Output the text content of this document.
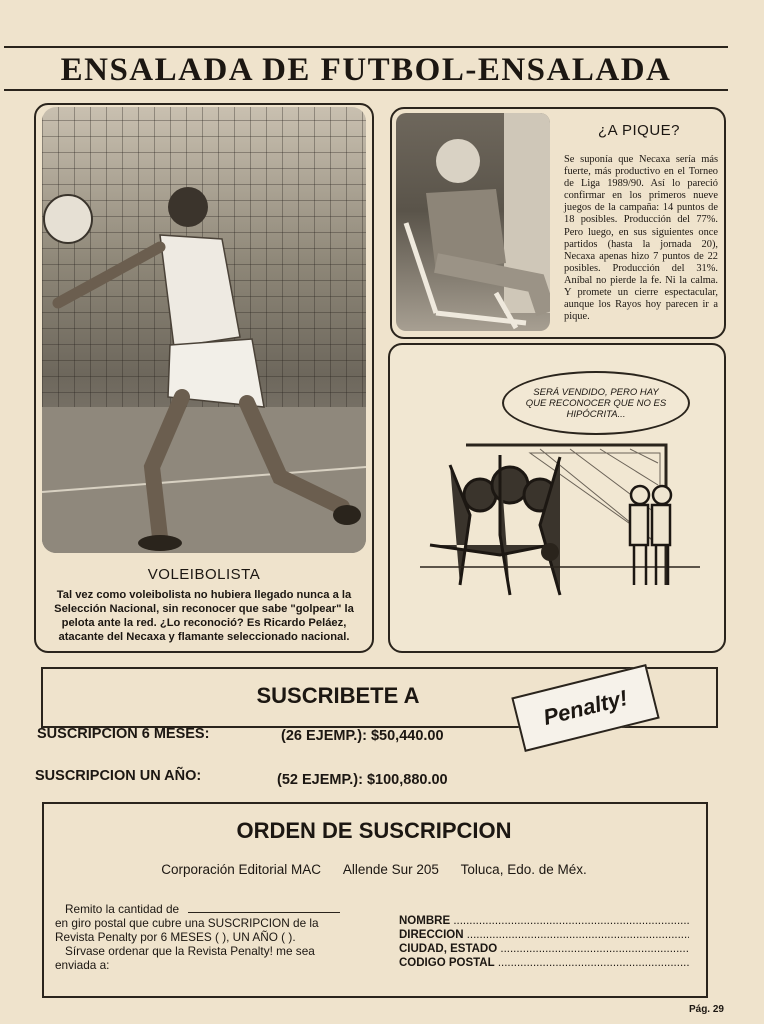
ENSALADA DE FUTBOL-ENSALADA
VOLEIBOLISTA
Tal vez como voleibolista no hubiera llegado nunca a la Selección Nacional, sin reconocer que sabe "golpear" la pelota ante la red. ¿Lo reconoció? Es Ricardo Peláez, atacante del Necaxa y flamante seleccionado nacional.
¿A PIQUE?
Se suponía que Necaxa sería más fuerte, más productivo en el Torneo de Liga 1989/90. Así lo pareció confirmar en los primeros nueve juegos de la campaña: 14 puntos de 18 posibles. Producción del 77%. Pero luego, en sus siguientes once partidos (hasta la jornada 20), Necaxa apenas hizo 7 puntos de 22 posibles. Producción del 31%. Aníbal no pierde la fe. Ni la calma. Y promete un cierre espectacular, aunque los Rayos hoy parecen ir a pique.
SERÁ VENDIDO, PERO HAY QUE RECONOCER QUE NO ES HIPÓCRITA...
SUSCRIBETE A	Penalty!
SUSCRIPCION 6 MESES:	(26 EJEMP.): $50,440.00
SUSCRIPCION UN AÑO:	(52 EJEMP.): $100,880.00
ORDEN DE SUSCRIPCION
Corporación Editorial MAC Allende Sur 205 Toluca, Edo. de Méx.
Remito la cantidad de
en giro postal que cubre una SUSCRIPCION de la
Revista Penalty por 6 MESES ( ), UN AÑO ( ).
Sírvase ordenar que la Revista Penalty! me sea
enviada a:
NOMBRE .....
DIRECCION .....
CIUDAD, ESTADO .....
CODIGO POSTAL .....
Pág. 29
